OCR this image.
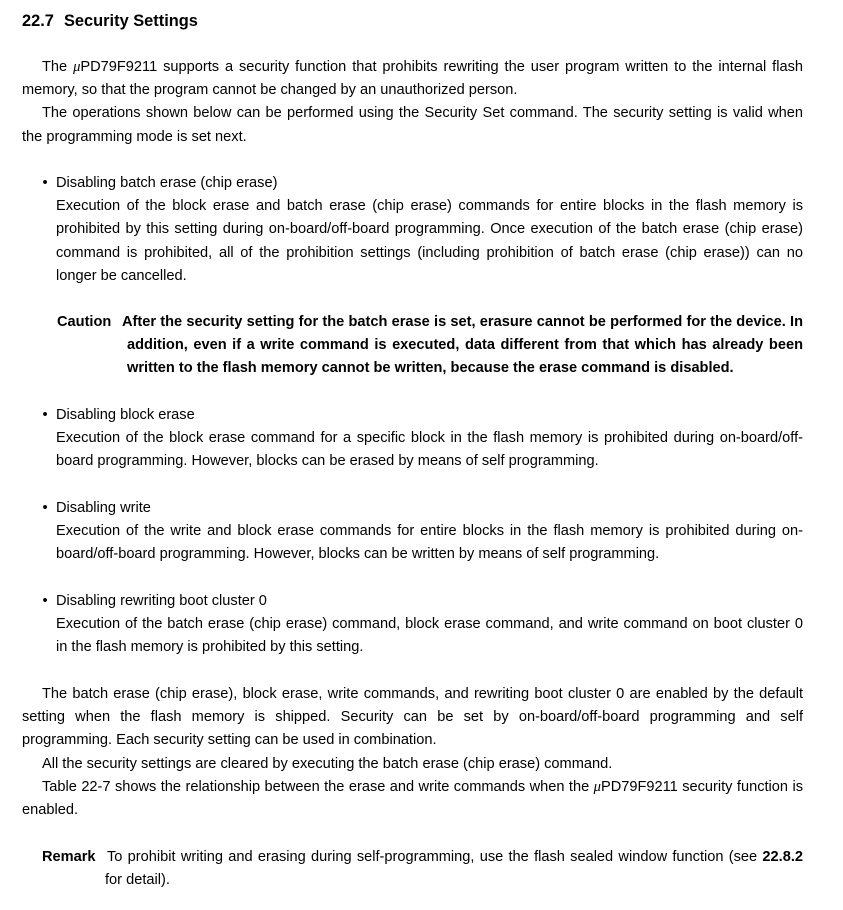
22.7 Security Settings

The μPD79F9211 supports a security function that prohibits rewriting the user program written to the internal flash memory, so that the program cannot be changed by an unauthorized person.

The operations shown below can be performed using the Security Set command. The security setting is valid when the programming mode is set next.

• Disabling batch erase (chip erase)
Execution of the block erase and batch erase (chip erase) commands for entire blocks in the flash memory is prohibited by this setting during on-board/off-board programming. Once execution of the batch erase (chip erase) command is prohibited, all of the prohibition settings (including prohibition of batch erase (chip erase)) can no longer be cancelled.
Caution After the security setting for the batch erase is set, erasure cannot be performed for the device. In addition, even if a write command is executed, data different from that which has already been written to the flash memory cannot be written, because the erase command is disabled.
• Disabling block erase
Execution of the block erase command for a specific block in the flash memory is prohibited during on-board/off-board programming. However, blocks can be erased by means of self programming.
• Disabling write
Execution of the write and block erase commands for entire blocks in the flash memory is prohibited during on-board/off-board programming. However, blocks can be written by means of self programming.
• Disabling rewriting boot cluster 0
Execution of the batch erase (chip erase) command, block erase command, and write command on boot cluster 0 in the flash memory is prohibited by this setting.

The batch erase (chip erase), block erase, write commands, and rewriting boot cluster 0 are enabled by the default setting when the flash memory is shipped. Security can be set by on-board/off-board programming and self programming. Each security setting can be used in combination.

All the security settings are cleared by executing the batch erase (chip erase) command.

Table 22-7 shows the relationship between the erase and write commands when the μPD79F9211 security function is enabled.

Remark To prohibit writing and erasing during self-programming, use the flash sealed window function (see 22.8.2 for detail).
